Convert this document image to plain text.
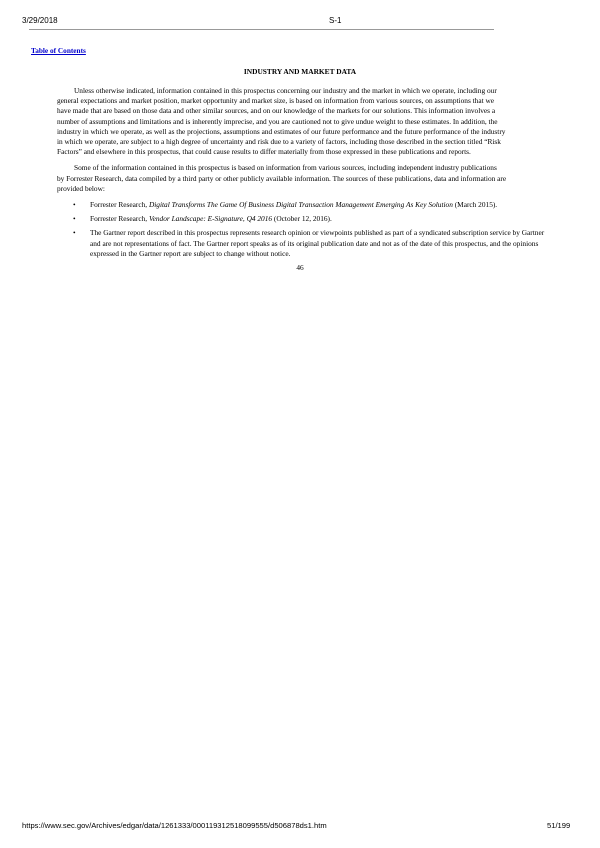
3/29/2018	S-1
Table of Contents
INDUSTRY AND MARKET DATA
Unless otherwise indicated, information contained in this prospectus concerning our industry and the market in which we operate, including our
general expectations and market position, market opportunity and market size, is based on information from various sources, on assumptions that we
have made that are based on those data and other similar sources, and on our knowledge of the markets for our solutions. This information involves a
number of assumptions and limitations and is inherently imprecise, and you are cautioned not to give undue weight to these estimates. In addition, the
industry in which we operate, as well as the projections, assumptions and estimates of our future performance and the future performance of the industry
in which we operate, are subject to a high degree of uncertainty and risk due to a variety of factors, including those described in the section titled “Risk
Factors” and elsewhere in this prospectus, that could cause results to differ materially from those expressed in these publications and reports.
Some of the information contained in this prospectus is based on information from various sources, including independent industry publications
by Forrester Research, data compiled by a third party or other publicly available information. The sources of these publications, data and information are
provided below:
• Forrester Research, Digital Transforms The Game Of Business Digital Transaction Management Emerging As Key Solution (March 2015).
• Forrester Research, Vendor Landscape: E-Signature, Q4 2016 (October 12, 2016).
• The Gartner report described in this prospectus represents research opinion or viewpoints published as part of a syndicated subscription service by Gartner and are not representations of fact. The Gartner report speaks as of its original publication date and not as of the date of this prospectus, and the opinions expressed in the Gartner report are subject to change without notice.
46
https://www.sec.gov/Archives/edgar/data/1261333/000119312518099555/d506878ds1.htm	51/199
